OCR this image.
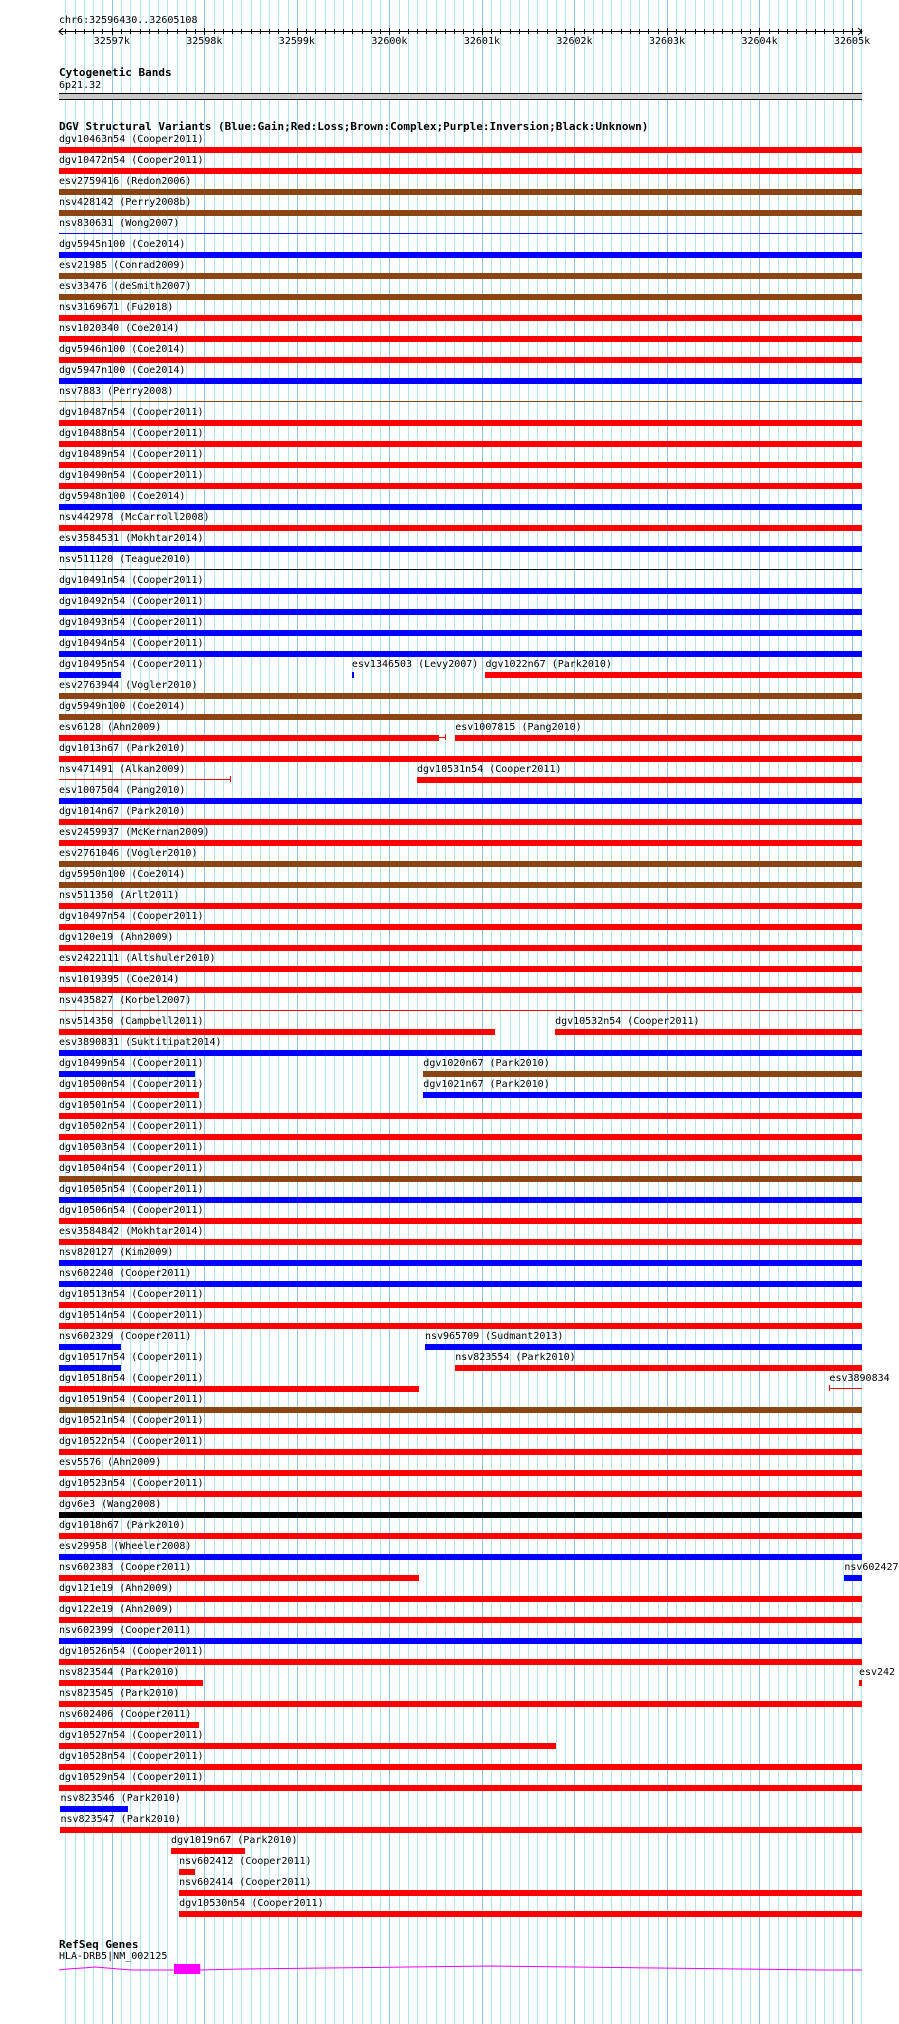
chr6:32596430..32605108
32597k	32598k	32599k	32600k	32601k	32602k	32603k	32604k	32605k
Cytogenetic Bands
6p21.32
DGV Structural Variants (Blue:Gain;Red:Loss;Brown:Complex;Purple:Inversion;Black:Unknown)
dgv10463n54 (Cooper2011)
dgv10472n54 (Cooper2011)
esv2759416 (Redon2006)
nsv428142 (Perry2008b)
nsv830631 (Wong2007)
dgv5945n100 (Coe2014)
esv21985 (Conrad2009)
esv33476 (deSmith2007)
nsv3169671 (Fu2018)
nsv1020340 (Coe2014)
dgv5946n100 (Coe2014)
dgv5947n100 (Coe2014)
nsv7883 (Perry2008)
dgv10487n54 (Cooper2011)
dgv10488n54 (Cooper2011)
dgv10489n54 (Cooper2011)
dgv10490n54 (Cooper2011)
dgv5948n100 (Coe2014)
nsv442978 (McCarroll2008)
esv3584531 (Mokhtar2014)
nsv511120 (Teague2010)
dgv10491n54 (Cooper2011)
dgv10492n54 (Cooper2011)
dgv10493n54 (Cooper2011)
dgv10494n54 (Cooper2011)
dgv10495n54 (Cooper2011)	esv1346503 (Levy2007) dgv1022n67 (Park2010)
esv2763944 (Vogler2010)
dgv5949n100 (Coe2014)
esv6128 (Ahn2009)	esv1007815 (Pang2010)
dgv1013n67 (Park2010)
nsv471491 (Alkan2009)	dgv10531n54 (Cooper2011)
esv1007504 (Pang2010)
dgv1014n67 (Park2010)
esv2459937 (McKernan2009)
esv2761046 (Vogler2010)
dgv5950n100 (Coe2014)
nsv511350 (Arlt2011)
dgv10497n54 (Cooper2011)
dgv120e19 (Ahn2009)
esv2422111 (Altshuler2010)
nsv1019395 (Coe2014)
nsv435827 (Korbel2007)
nsv514350 (Campbell2011)	dgv10532n54 (Cooper2011)
esv3890831 (Suktitipat2014)
dgv10499n54 (Cooper2011)	dgv1020n67 (Park2010)
dgv10500n54 (Cooper2011)	dgv1021n67 (Park2010)
dgv10501n54 (Cooper2011)
dgv10502n54 (Cooper2011)
dgv10503n54 (Cooper2011)
dgv10504n54 (Cooper2011)
dgv10505n54 (Cooper2011)
dgv10506n54 (Cooper2011)
esv3584842 (Mokhtar2014)
nsv820127 (Kim2009)
nsv602240 (Cooper2011)
dgv10513n54 (Cooper2011)
dgv10514n54 (Cooper2011)
nsv602329 (Cooper2011)	nsv965709 (Sudmant2013)
dgv10517n54 (Cooper2011)	nsv823554 (Park2010)
dgv10518n54 (Cooper2011)	esv3890834
dgv10519n54 (Cooper2011)
dgv10521n54 (Cooper2011)
dgv10522n54 (Cooper2011)
esv5576 (Ahn2009)
dgv10523n54 (Cooper2011)
dgv6e3 (Wang2008)
dgv1018n67 (Park2010)
esv29958 (Wheeler2008)
nsv602383 (Cooper2011)	nsv602427
dgv121e19 (Ahn2009)
dgv122e19 (Ahn2009)
nsv602399 (Cooper2011)
dgv10526n54 (Cooper2011)
nsv823544 (Park2010)	esv242
nsv823545 (Park2010)
nsv602406 (Cooper2011)
dgv10527n54 (Cooper2011)
dgv10528n54 (Cooper2011)
dgv10529n54 (Cooper2011)
nsv823546 (Park2010)
nsv823547 (Park2010)
dgv1019n67 (Park2010)
nsv602412 (Cooper2011)
nsv602414 (Cooper2011)
dgv10530n54 (Cooper2011)
RefSeq Genes
HLA-DRB5|NM_002125
